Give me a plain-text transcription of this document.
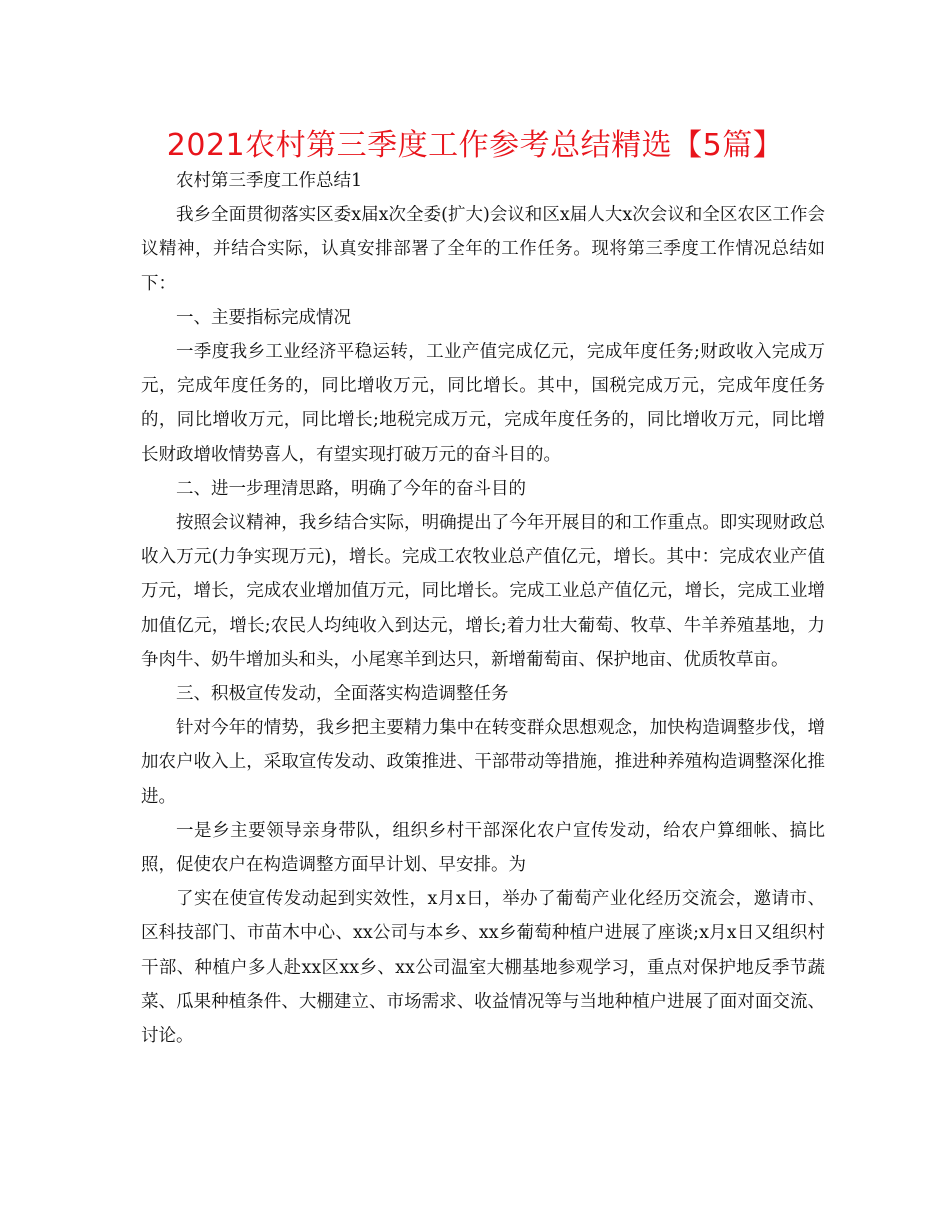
2021农村第三季度工作参考总结精选【5篇】

农村第三季度工作总结1

我乡全面贯彻落实区委x届x次全委(扩大)会议和区x届人大x次会议和全区农区工作会议精神，并结合实际，认真安排部署了全年的工作任务。现将第三季度工作情况总结如下：

一、主要指标完成情况

一季度我乡工业经济平稳运转，工业产值完成亿元，完成年度任务;财政收入完成万元，完成年度任务的，同比增收万元，同比增长。其中，国税完成万元，完成年度任务的，同比增收万元，同比增长;地税完成万元，完成年度任务的，同比增收万元，同比增长财政增收情势喜人，有望实现打破万元的奋斗目的。

二、进一步理清思路，明确了今年的奋斗目的

按照会议精神，我乡结合实际，明确提出了今年开展目的和工作重点。即实现财政总收入万元(力争实现万元)，增长。完成工农牧业总产值亿元，增长。其中：完成农业产值万元，增长，完成农业增加值万元，同比增长。完成工业总产值亿元，增长，完成工业增加值亿元，增长;农民人均纯收入到达元，增长;着力壮大葡萄、牧草、牛羊养殖基地，力争肉牛、奶牛增加头和头，小尾寒羊到达只，新增葡萄亩、保护地亩、优质牧草亩。

三、积极宣传发动，全面落实构造调整任务

针对今年的情势，我乡把主要精力集中在转变群众思想观念，加快构造调整步伐，增加农户收入上，采取宣传发动、政策推进、干部带动等措施，推进种养殖构造调整深化推进。

一是乡主要领导亲身带队，组织乡村干部深化农户宣传发动，给农户算细帐、搞比照，促使农户在构造调整方面早计划、早安排。为

了实在使宣传发动起到实效性，x月x日，举办了葡萄产业化经历交流会，邀请市、区科技部门、市苗木中心、xx公司与本乡、xx乡葡萄种植户进展了座谈;x月x日又组织村干部、种植户多人赴xx区xx乡、xx公司温室大棚基地参观学习，重点对保护地反季节蔬菜、瓜果种植条件、大棚建立、市场需求、收益情况等与当地种植户进展了面对面交流、讨论。
